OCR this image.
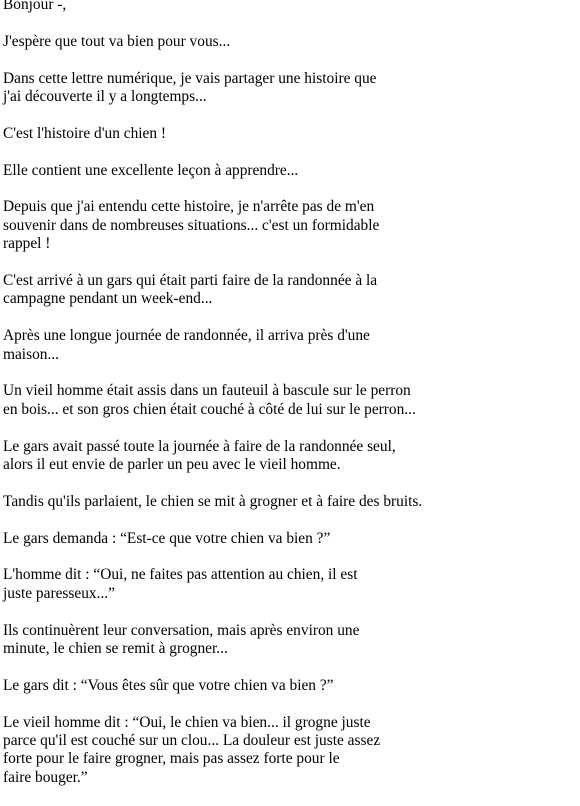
Bonjour -,

J'espère que tout va bien pour vous...

Dans cette lettre numérique, je vais partager une histoire que
j'ai découverte il y a longtemps...

C'est l'histoire d'un chien !

Elle contient une excellente leçon à apprendre...

Depuis que j'ai entendu cette histoire, je n'arrête pas de m'en
souvenir dans de nombreuses situations... c'est un formidable
rappel !

C'est arrivé à un gars qui était parti faire de la randonnée à la
campagne pendant un week-end...

Après une longue journée de randonnée, il arriva près d'une
maison...

Un vieil homme était assis dans un fauteuil à bascule sur le perron
en bois... et son gros chien était couché à côté de lui sur le perron...

Le gars avait passé toute la journée à faire de la randonnée seul,
alors il eut envie de parler un peu avec le vieil homme.

Tandis qu'ils parlaient, le chien se mit à grogner et à faire des bruits.

Le gars demanda : “Est-ce que votre chien va bien ?”

L'homme dit : “Oui, ne faites pas attention au chien, il est
juste paresseux...”

Ils continuèrent leur conversation, mais après environ une
minute, le chien se remit à grogner...

Le gars dit : “Vous êtes sûr que votre chien va bien ?”

Le vieil homme dit : “Oui, le chien va bien... il grogne juste
parce qu'il est couché sur un clou... La douleur est juste assez
forte pour le faire grogner, mais pas assez forte pour le
faire bouger.”
